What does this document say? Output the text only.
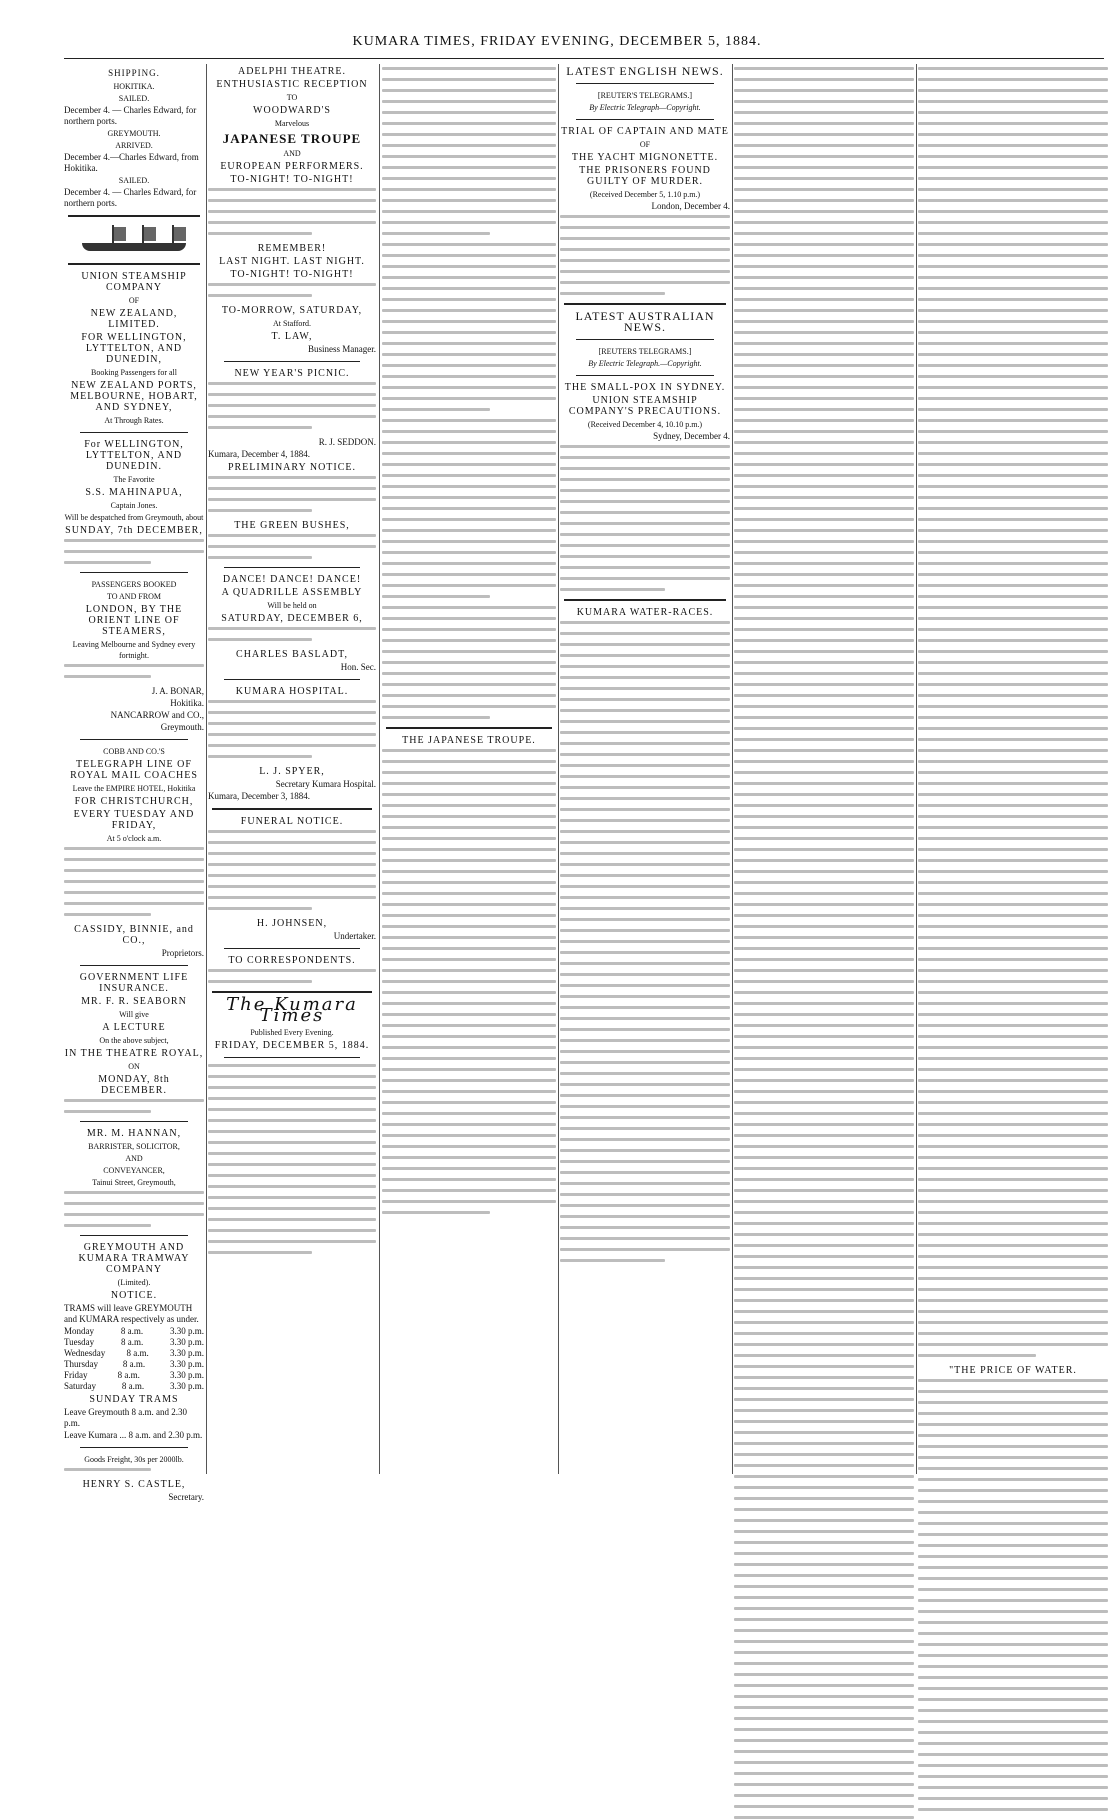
KUMARA TIMES, FRIDAY EVENING, DECEMBER 5, 1884.
SHIPPING.
HOKITIKA.
SAILED.
December 4. — Charles Edward, for northern ports.
GREYMOUTH.
ARRIVED.
December 4.—Charles Edward, from Hokitika.
SAILED.
December 4. — Charles Edward, for northern ports.
UNION STEAMSHIP COMPANY
OF
NEW ZEALAND, LIMITED.
FOR WELLINGTON, LYTTELTON, AND DUNEDIN,
Booking Passengers for all
NEW ZEALAND PORTS, MELBOURNE, HOBART, AND SYDNEY,
At Through Rates.
For WELLINGTON, LYTTELTON, AND DUNEDIN.
The Favorite
S.S. MAHINAPUA,
Captain Jones.
Will be despatched from Greymouth, about
SUNDAY, 7th DECEMBER,
PASSENGERS BOOKED
TO AND FROM
LONDON, BY THE ORIENT LINE OF STEAMERS,
Leaving Melbourne and Sydney every fortnight.
J. A. BONAR,
Hokitika.
NANCARROW and CO.,
Greymouth.
COBB AND CO.'S
TELEGRAPH LINE OF ROYAL MAIL COACHES
Leave the EMPIRE HOTEL, Hokitika
FOR CHRISTCHURCH,
EVERY TUESDAY AND FRIDAY,
At 5 o'clock a.m.
CASSIDY, BINNIE, and CO.,
Proprietors.
GOVERNMENT LIFE INSURANCE.
MR. F. R. SEABORN
Will give
A LECTURE
On the above subject,
IN THE THEATRE ROYAL,
ON
MONDAY, 8th DECEMBER.
MR. M. HANNAN,
BARRISTER, SOLICITOR,
AND
CONVEYANCER,
Tainui Street, Greymouth,
GREYMOUTH AND KUMARA TRAMWAY COMPANY
(Limited).
NOTICE.
TRAMS will leave GREYMOUTH and KUMARA respectively as under.
Monday	8 a.m.	3.30 p.m.
Tuesday	8 a.m.	3.30 p.m.
Wednesday 8 a.m. 3.30 p.m.
Thursday	8 a.m.	3.30 p.m.
Friday	8 a.m.	3.30 p.m.
Saturday	8 a.m.	3.30 p.m.
SUNDAY TRAMS
Leave Greymouth 8 a.m. and 2.30 p.m.
Leave Kumara ... 8 a.m. and 2.30 p.m.
Goods Freight, 30s per 2000lb.
HENRY S. CASTLE,
Secretary.
ADELPHI THEATRE.
ENTHUSIASTIC RECEPTION
TO
WOODWARD'S
Marvelous
JAPANESE TROUPE
AND
EUROPEAN PERFORMERS.
TO-NIGHT! TO-NIGHT!
REMEMBER!
LAST NIGHT. LAST NIGHT.
TO-NIGHT! TO-NIGHT!
TO-MORROW, SATURDAY,
At Stafford.
T. LAW,
Business Manager.
NEW YEAR'S PICNIC.
R. J. SEDDON.
Kumara, December 4, 1884.
PRELIMINARY NOTICE.
THE GREEN BUSHES,
DANCE! DANCE! DANCE!
A QUADRILLE ASSEMBLY
Will be held on
SATURDAY, DECEMBER 6,
CHARLES BASLADT,
Hon. Sec.
KUMARA HOSPITAL.
L. J. SPYER,
Secretary Kumara Hospital.
Kumara, December 3, 1884.
FUNERAL NOTICE.
H. JOHNSEN,
Undertaker.
TO CORRESPONDENTS.
The Kumara Times
Published Every Evening.
FRIDAY, DECEMBER 5, 1884.
THE JAPANESE TROUPE.
LATEST ENGLISH NEWS.
[REUTER'S TELEGRAMS.]
By Electric Telegraph—Copyright.
TRIAL OF CAPTAIN AND MATE
OF
THE YACHT MIGNONETTE.
THE PRISONERS FOUND GUILTY OF MURDER.
(Received December 5, 1.10 p.m.)
London, December 4.
LATEST AUSTRALIAN NEWS.
[REUTERS TELEGRAMS.]
By Electric Telegraph.—Copyright.
THE SMALL-POX IN SYDNEY.
UNION STEAMSHIP COMPANY'S PRECAUTIONS.
(Received December 4, 10.10 p.m.)
Sydney, December 4.
KUMARA WATER-RACES.
"THE PRICE OF WATER.
